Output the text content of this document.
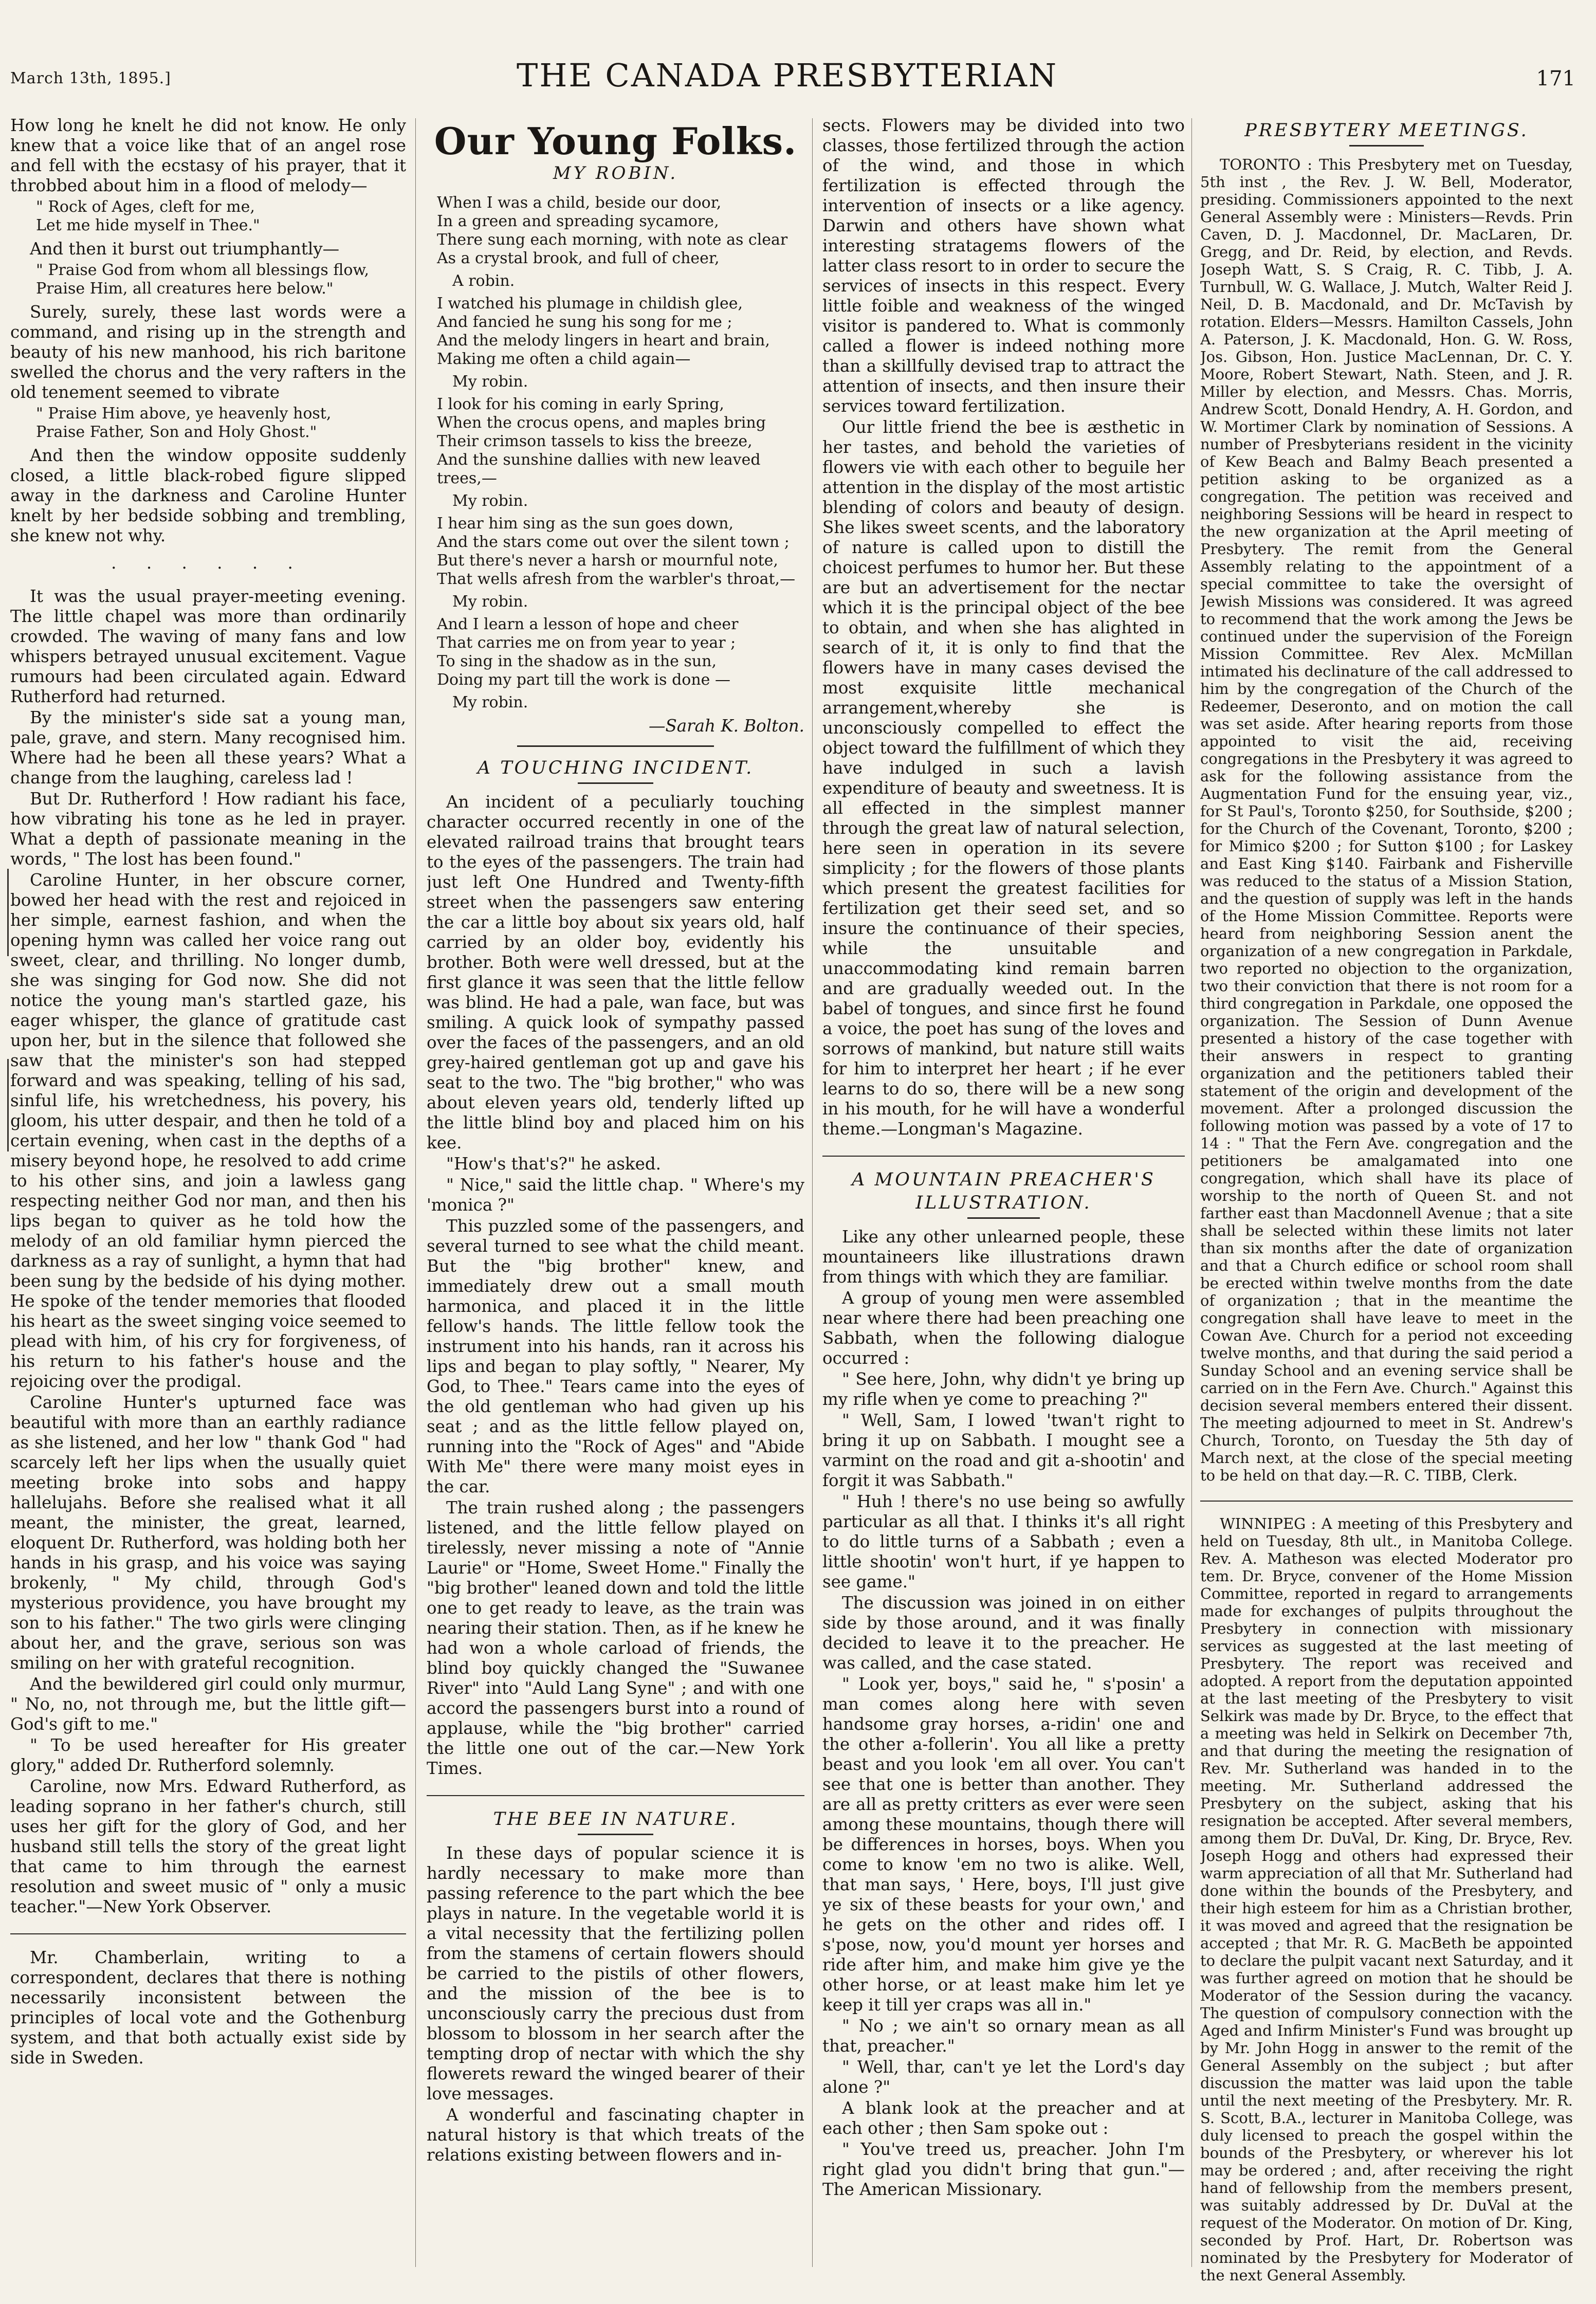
March 13th, 1895.]	THE CANADA PRESBYTERIAN	171

How long he knelt he did not know. He only knew that a voice like that of an angel rose and fell with the ecstasy of his prayer, that it throbbed about him in a flood of melody—

" Rock of Ages, cleft for me,
Let me hide myself in Thee."

And then it burst out triumphantly—

" Praise God from whom all blessings flow,
Praise Him, all creatures here below."

Surely, surely, these last words were a command, and rising up in the strength and beauty of his new manhood, his rich baritone swelled the chorus and the very rafters in the old tenement seemed to vibrate

" Praise Him above, ye heavenly host,
Praise Father, Son and Holy Ghost."

And then the window opposite suddenly closed, a little black-robed figure slipped away in the darkness and Caroline Hunter knelt by her bedside sobbing and trembling, she knew not why.

. . . . . .

It was the usual prayer-meeting evening. The little chapel was more than ordinarily crowded. The waving of many fans and low whispers betrayed unusual excitement. Vague rumours had been circulated again. Edward Rutherford had returned.

By the minister's side sat a young man, pale, grave, and stern. Many recognised him. Where had he been all these years? What a change from the laughing, careless lad !

But Dr. Rutherford ! How radiant his face, how vibrating his tone as he led in prayer. What a depth of passionate meaning in the words, " The lost has been found."

Caroline Hunter, in her obscure corner, bowed her head with the rest and rejoiced in her simple, earnest fashion, and when the opening hymn was called her voice rang out sweet, clear, and thrilling. No longer dumb, she was singing for God now. She did not notice the young man's startled gaze, his eager whisper, the glance of gratitude cast upon her, but in the silence that followed she saw that the minister's son had stepped forward and was speaking, telling of his sad, sinful life, his wretchedness, his povery, his gloom, his utter despair, and then he told of a certain evening, when cast in the depths of a misery beyond hope, he resolved to add crime to his other sins, and join a lawless gang respecting neither God nor man, and then his lips began to quiver as he told how the melody of an old familiar hymn pierced the darkness as a ray of sunlight, a hymn that had been sung by the bedside of his dying mother. He spoke of the tender memories that flooded his heart as the sweet singing voice seemed to plead with him, of his cry for forgiveness, of his return to his father's house and the rejoicing over the prodigal.

Caroline Hunter's upturned face was beautiful with more than an earthly radiance as she listened, and her low " thank God " had scarcely left her lips when the usually quiet meeting broke into sobs and happy hallelujahs. Before she realised what it all meant, the minister, the great, learned, eloquent Dr. Rutherford, was holding both her hands in his grasp, and his voice was saying brokenly, " My child, through God's mysterious providence, you have brought my son to his father." The two girls were clinging about her, and the grave, serious son was smiling on her with grateful recognition.

And the bewildered girl could only murmur, " No, no, not through me, but the little gift—God's gift to me."

" To be used hereafter for His greater glory," added Dr. Rutherford solemnly.

Caroline, now Mrs. Edward Rutherford, as leading soprano in her father's church, still uses her gift for the glory of God, and her husband still tells the story of the great light that came to him through the earnest resolution and sweet music of " only a music teacher."—New York Observer.

Mr. Chamberlain, writing to a correspondent, declares that there is nothing necessarily inconsistent between the principles of local vote and the Gothenburg system, and that both actually exist side by side in Sweden.

Our Young Folks.
MY ROBIN.
When I was a child, beside our door,
In a green and spreading sycamore,
There sung each morning, with note as clear
As a crystal brook, and full of cheer,
A robin.
I watched his plumage in childish glee,
And fancied he sung his song for me ;
And the melody lingers in heart and brain,
Making me often a child again—
My robin.
I look for his coming in early Spring,
When the crocus opens, and maples bring
Their crimson tassels to kiss the breeze,
And the sunshine dallies with new leaved trees,—
My robin.
I hear him sing as the sun goes down,
And the stars come out over the silent town ;
But there's never a harsh or mournful note,
That wells afresh from the warbler's throat,—
My robin.
And I learn a lesson of hope and cheer
That carries me on from year to year ;
To sing in the shadow as in the sun,
Doing my part till the work is done —
My robin.
—Sarah K. Bolton.
A TOUCHING INCIDENT.

An incident of a peculiarly touching character occurred recently in one of the elevated railroad trains that brought tears to the eyes of the passengers. The train had just left One Hundred and Twenty-fifth street when the passengers saw entering the car a little boy about six years old, half carried by an older boy, evidently his brother. Both were well dressed, but at the first glance it was seen that the little fellow was blind. He had a pale, wan face, but was smiling. A quick look of sympathy passed over the faces of the passengers, and an old grey-haired gentleman got up and gave his seat to the two. The "big brother," who was about eleven years old, tenderly lifted up the little blind boy and placed him on his kee.

"How's that's?" he asked.

" Nice," said the little chap. " Where's my 'monica ?"

This puzzled some of the passengers, and several turned to see what the child meant. But the "big brother" knew, and immediately drew out a small mouth harmonica, and placed it in the little fellow's hands. The little fellow took the instrument into his hands, ran it across his lips and began to play softly, " Nearer, My God, to Thee." Tears came into the eyes of the old gentleman who had given up his seat ; and as the little fellow played on, running into the "Rock of Ages" and "Abide With Me" there were many moist eyes in the car.

The train rushed along ; the passengers listened, and the little fellow played on tirelessly, never missing a note of "Annie Laurie" or "Home, Sweet Home." Finally the "big brother" leaned down and told the little one to get ready to leave, as the train was nearing their station. Then, as if he knew he had won a whole carload of friends, the blind boy quickly changed the "Suwanee River" into "Auld Lang Syne" ; and with one accord the passengers burst into a round of applause, while the "big brother" carried the little one out of the car.—New York Times.

THE BEE IN NATURE.

In these days of popular science it is hardly necessary to make more than passing reference to the part which the bee plays in nature. In the vegetable world it is a vital necessity that the fertilizing pollen from the stamens of certain flowers should be carried to the pistils of other flowers, and the mission of the bee is to unconsciously carry the precious dust from blossom to blossom in her search after the tempting drop of nectar with which the shy flowerets reward the winged bearer of their love messages.

A wonderful and fascinating chapter in natural history is that which treats of the relations existing between flowers and in-

sects. Flowers may be divided into two classes, those fertilized through the action of the wind, and those in which fertilization is effected through the intervention of insects or a like agency. Darwin and others have shown what interesting stratagems flowers of the latter class resort to in order to secure the services of insects in this respect. Every little foible and weakness of the winged visitor is pandered to. What is commonly called a flower is indeed nothing more than a skillfully devised trap to attract the attention of insects, and then insure their services toward fertilization.

Our little friend the bee is æsthetic in her tastes, and behold the varieties of flowers vie with each other to beguile her attention in the display of the most artistic blending of colors and beauty of design. She likes sweet scents, and the laboratory of nature is called upon to distill the choicest perfumes to humor her. But these are but an advertisement for the nectar which it is the principal object of the bee to obtain, and when she has alighted in search of it, it is only to find that the flowers have in many cases devised the most exquisite little mechanical arrangement,whereby she is unconsciously compelled to effect the object toward the fulfillment of which they have indulged in such a lavish expenditure of beauty and sweetness. It is all effected in the simplest manner through the great law of natural selection, here seen in operation in its severe simplicity ; for the flowers of those plants which present the greatest facilities for fertilization get their seed set, and so insure the continuance of their species, while the unsuitable and unaccommodating kind remain barren and are gradually weeded out. In the babel of tongues, and since first he found a voice, the poet has sung of the loves and sorrows of mankind, but nature still waits for him to interpret her heart ; if he ever learns to do so, there will be a new song in his mouth, for he will have a wonderful theme.—Longman's Magazine.

A MOUNTAIN PREACHER'S
ILLUSTRATION.

Like any other unlearned people, these mountaineers like illustrations drawn from things with which they are familiar.

A group of young men were assembled near where there had been preaching one Sabbath, when the following dialogue occurred :

" See here, John, why didn't ye bring up my rifle when ye come to preaching ?"

" Well, Sam, I lowed 'twan't right to bring it up on Sabbath. I mought see a varmint on the road and git a-shootin' and forgit it was Sabbath."

" Huh ! there's no use being so awfully particular as all that. I thinks it's all right to do little turns of a Sabbath ; even a little shootin' won't hurt, if ye happen to see game."

The discussion was joined in on either side by those around, and it was finally decided to leave it to the preacher. He was called, and the case stated.

" Look yer, boys," said he, " s'posin' a man comes along here with seven handsome gray horses, a-ridin' one and the other a-follerin'. You all like a pretty beast and you look 'em all over. You can't see that one is better than another. They are all as pretty critters as ever were seen among these mountains, though there will be differences in horses, boys. When you come to know 'em no two is alike. Well, that man says, ' Here, boys, I'll just give ye six of these beasts for your own,' and he gets on the other and rides off. I s'pose, now, you'd mount yer horses and ride after him, and make him give ye the other horse, or at least make him let ye keep it till yer craps was all in."

" No ; we ain't so ornary mean as all that, preacher."

" Well, thar, can't ye let the Lord's day alone ?"

A blank look at the preacher and at each other ; then Sam spoke out :

" You've treed us, preacher. John I'm right glad you didn't bring that gun."—The American Missionary.

PRESBYTERY MEETINGS.

TORONTO : This Presbytery met on Tuesday, 5th inst , the Rev. J. W. Bell, Moderator, presiding. Commissioners appointed to the next General Assembly were : Ministers—Revds. Prin Caven, D. J. Macdonnel, Dr. MacLaren, Dr. Gregg, and Dr. Reid, by election, and Revds. Joseph Watt, S. S Craig, R. C. Tibb, J. A. Turnbull, W. G. Wallace, J. Mutch, Walter Reid J. Neil, D. B. Macdonald, and Dr. McTavish by rotation. Elders—Messrs. Hamilton Cassels, John A. Paterson, J. K. Macdonald, Hon. G. W. Ross, Jos. Gibson, Hon. Justice MacLennan, Dr. C. Y. Moore, Robert Stewart, Nath. Steen, and J. R. Miller by election, and Messrs. Chas. Morris, Andrew Scott, Donald Hendry, A. H. Gordon, and W. Mortimer Clark by nomination of Sessions. A number of Presbyterians resident in the vicinity of Kew Beach and Balmy Beach presented a petition asking to be organized as a congregation. The petition was received and neighboring Sessions will be heard in respect to the new organization at the April meeting of Presbytery. The remit from the General Assembly relating to the appointment of a special committee to take the oversight of Jewish Missions was considered. It was agreed to recommend that the work among the Jews be continued under the supervision of the Foreign Mission Committee. Rev Alex. McMillan intimated his declinature of the call addressed to him by the congregation of the Church of the Redeemer, Deseronto, and on motion the call was set aside. After hearing reports from those appointed to visit the aid, receiving congregations in the Presbytery it was agreed to ask for the following assistance from the Augmentation Fund for the ensuing year, viz., for St Paul's, Toronto $250, for Southside, $200 ; for the Church of the Covenant, Toronto, $200 ; for Mimico $200 ; for Sutton $100 ; for Laskey and East King $140. Fairbank and Fisherville was reduced to the status of a Mission Station, and the question of supply was left in the hands of the Home Mission Committee. Reports were heard from neighboring Session anent the organization of a new congregation in Parkdale, two reported no objection to the organization, two their conviction that there is not room for a third congregation in Parkdale, one opposed the organization. The Session of Dunn Avenue presented a history of the case together with their answers in respect to granting organization and the petitioners tabled their statement of the origin and development of the movement. After a prolonged discussion the following motion was passed by a vote of 17 to 14 : " That the Fern Ave. congregation and the petitioners be amalgamated into one congregation, which shall have its place of worship to the north of Queen St. and not farther east than Macdonnell Avenue ; that a site shall be selected within these limits not later than six months after the date of organization and that a Church edifice or school room shall be erected within twelve months from the date of organization ; that in the meantime the congregation shall have leave to meet in the Cowan Ave. Church for a period not exceeding twelve months, and that during the said period a Sunday School and an evening service shall be carried on in the Fern Ave. Church." Against this decision several members entered their dissent. The meeting adjourned to meet in St. Andrew's Church, Toronto, on Tuesday the 5th day of March next, at the close of the special meeting to be held on that day.—R. C. TIBB, Clerk.

WINNIPEG : A meeting of this Presbytery and held on Tuesday, 8th ult., in Manitoba College. Rev. A. Matheson was elected Moderator pro tem. Dr. Bryce, convener of the Home Mission Committee, reported in regard to arrangements made for exchanges of pulpits throughout the Presbytery in connection with missionary services as suggested at the last meeting of Presbytery. The report was received and adopted. A report from the deputation appointed at the last meeting of the Presbytery to visit Selkirk was made by Dr. Bryce, to the effect that a meeting was held in Selkirk on December 7th, and that during the meeting the resignation of Rev. Mr. Sutherland was handed in to the meeting. Mr. Sutherland addressed the Presbytery on the subject, asking that his resignation be accepted. After several members, among them Dr. DuVal, Dr. King, Dr. Bryce, Rev. Joseph Hogg and others had expressed their warm appreciation of all that Mr. Sutherland had done within the bounds of the Presbytery, and their high esteem for him as a Christian brother, it was moved and agreed that the resignation be accepted ; that Mr. R. G. MacBeth be appointed to declare the pulpit vacant next Saturday, and it was further agreed on motion that he should be Moderator of the Session during the vacancy. The question of compulsory connection with the Aged and Infirm Minister's Fund was brought up by Mr. John Hogg in answer to the remit of the General Assembly on the subject ; but after discussion the matter was laid upon the table until the next meeting of the Presbytery. Mr. R. S. Scott, B.A., lecturer in Manitoba College, was duly licensed to preach the gospel within the bounds of the Presbytery, or wherever his lot may be ordered ; and, after receiving the right hand of fellowship from the members present, was suitably addressed by Dr. DuVal at the request of the Moderator. On motion of Dr. King, seconded by Prof. Hart, Dr. Robertson was nominated by the Presbytery for Moderator of the next General Assembly.
